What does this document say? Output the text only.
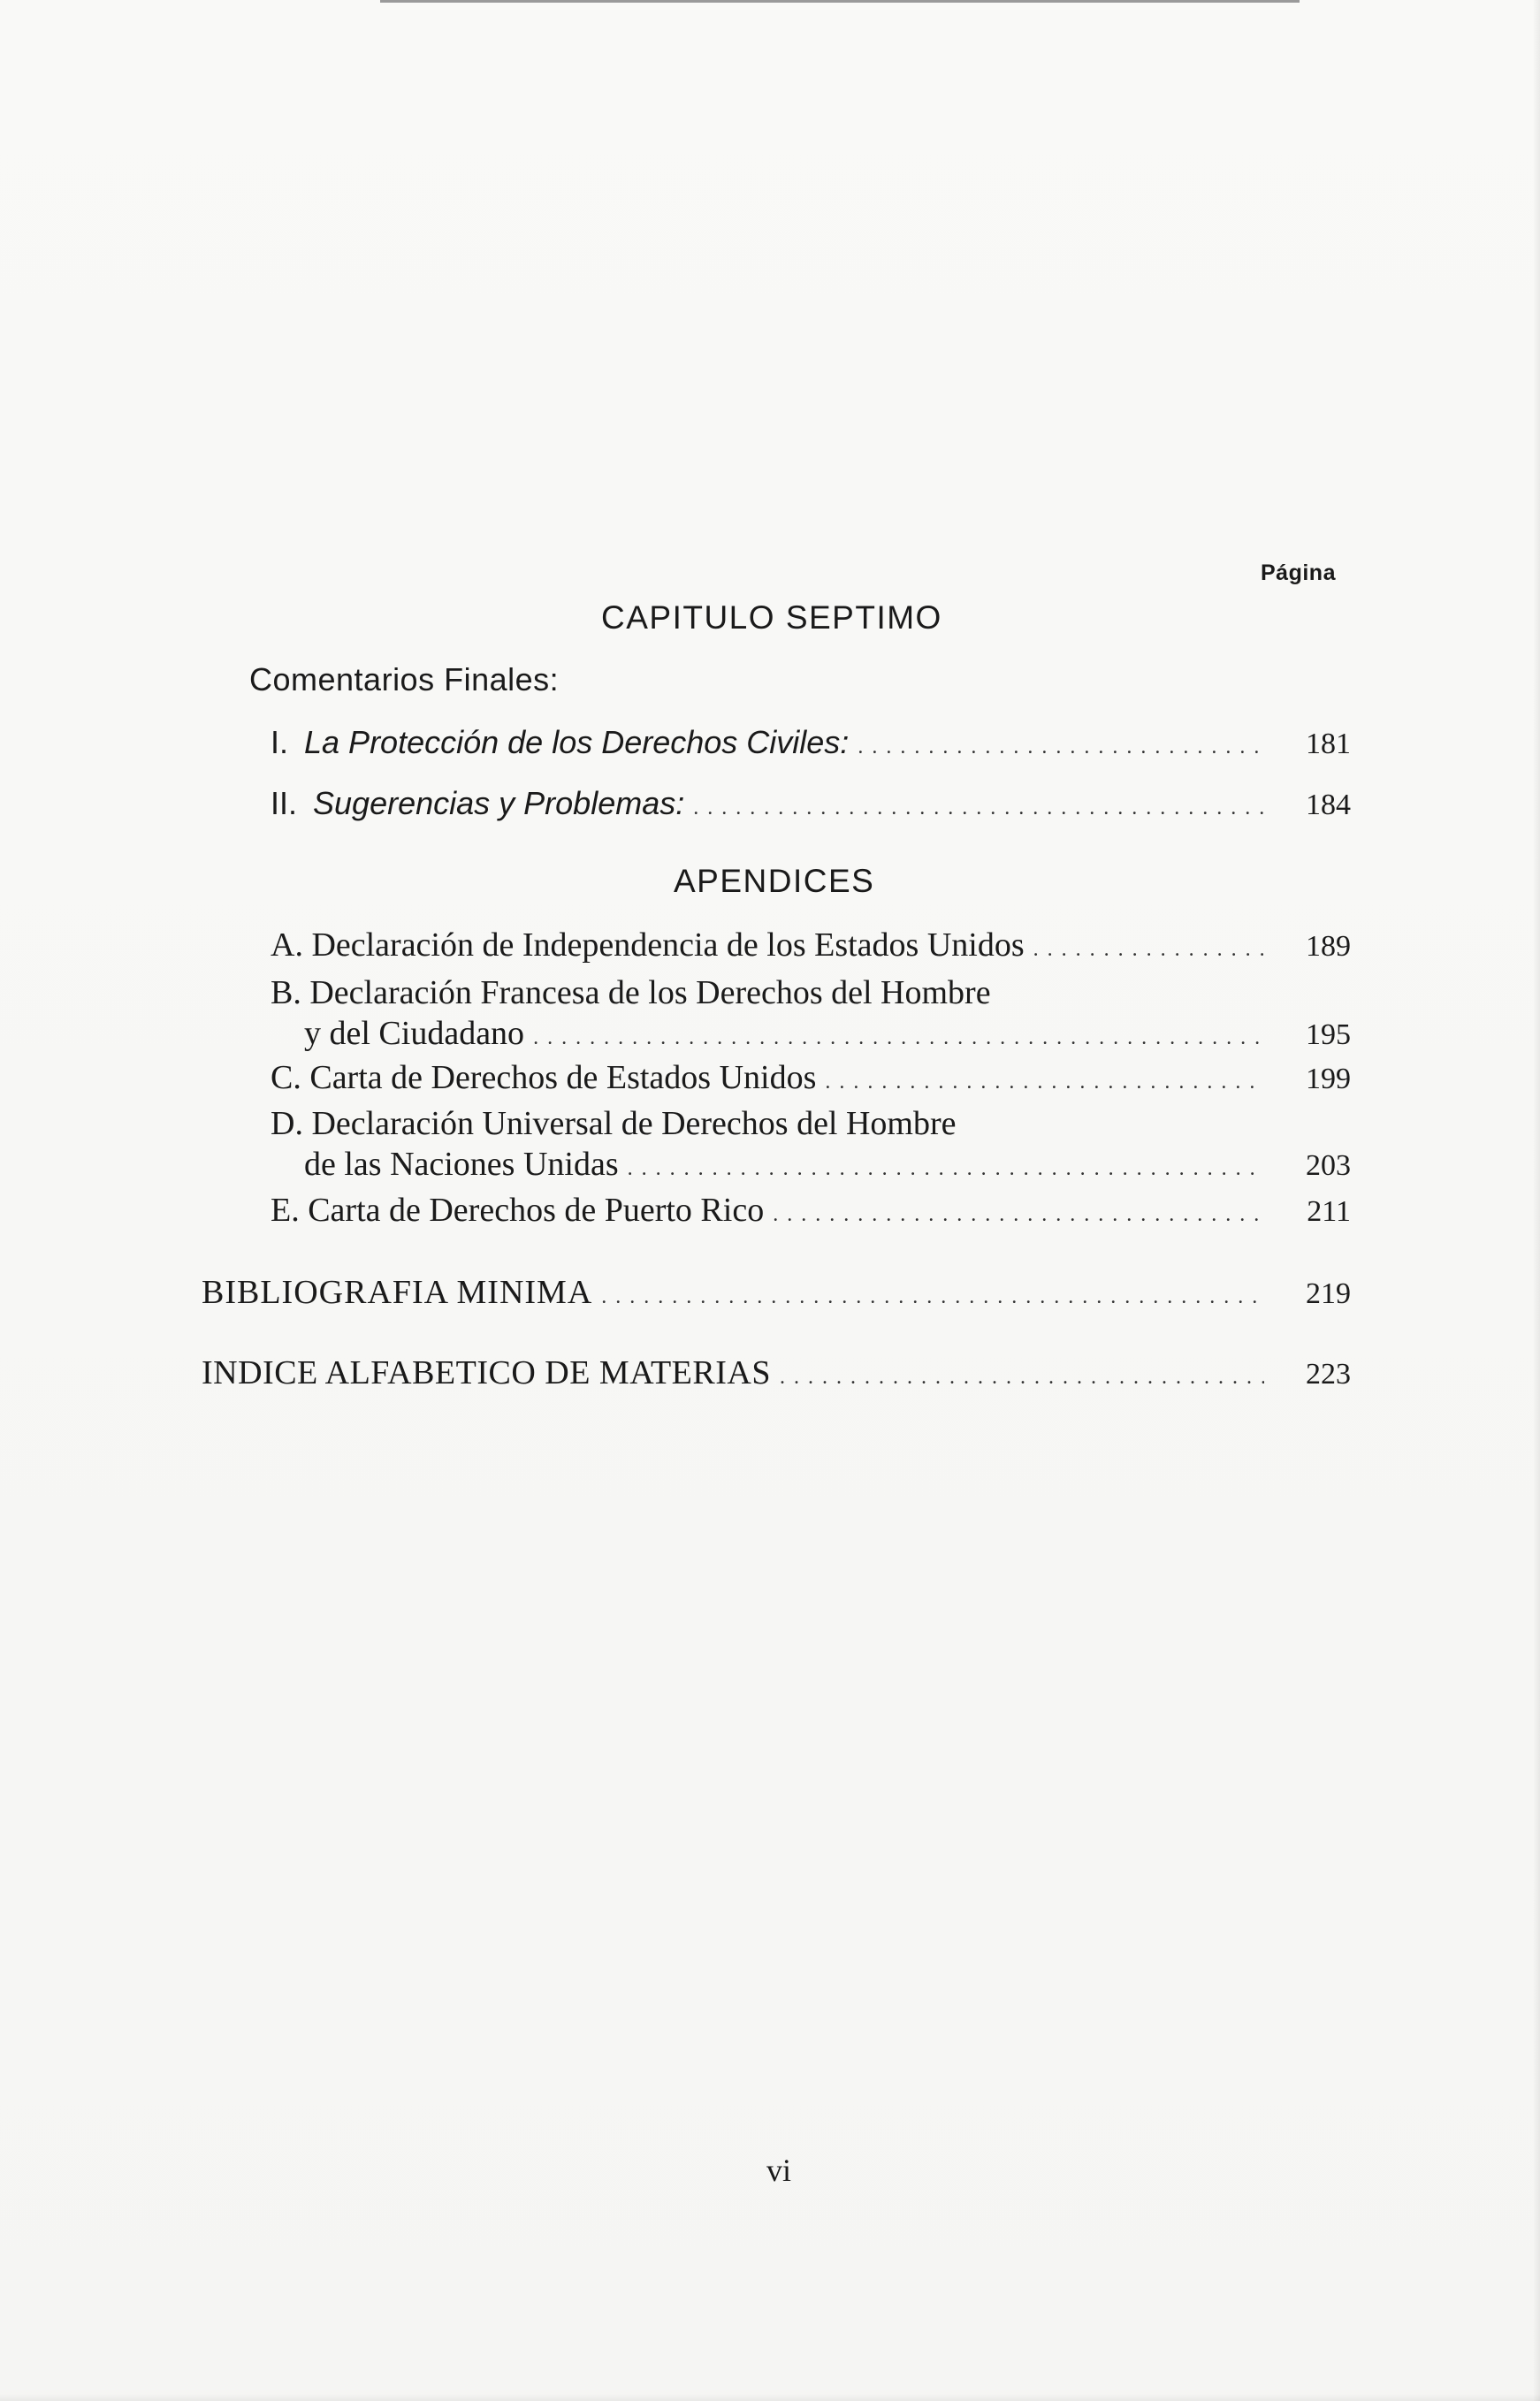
Página
CAPITULO SEPTIMO
Comentarios Finales:
I. La Protección de los Derechos Civiles: . . .	181
II. Sugerencias y Problemas: . . .	184
APENDICES
A. Declaración de Independencia de los Estados Unidos . . .	189
B. Declaración Francesa de los Derechos del Hombre
y del Ciudadano . . .	195
C. Carta de Derechos de Estados Unidos . . .	199
D. Declaración Universal de Derechos del Hombre
de las Naciones Unidas . . .	203
E. Carta de Derechos de Puerto Rico . . .	211
BIBLIOGRAFIA MINIMA . . .	219
INDICE ALFABETICO DE MATERIAS . . .	223
vi
